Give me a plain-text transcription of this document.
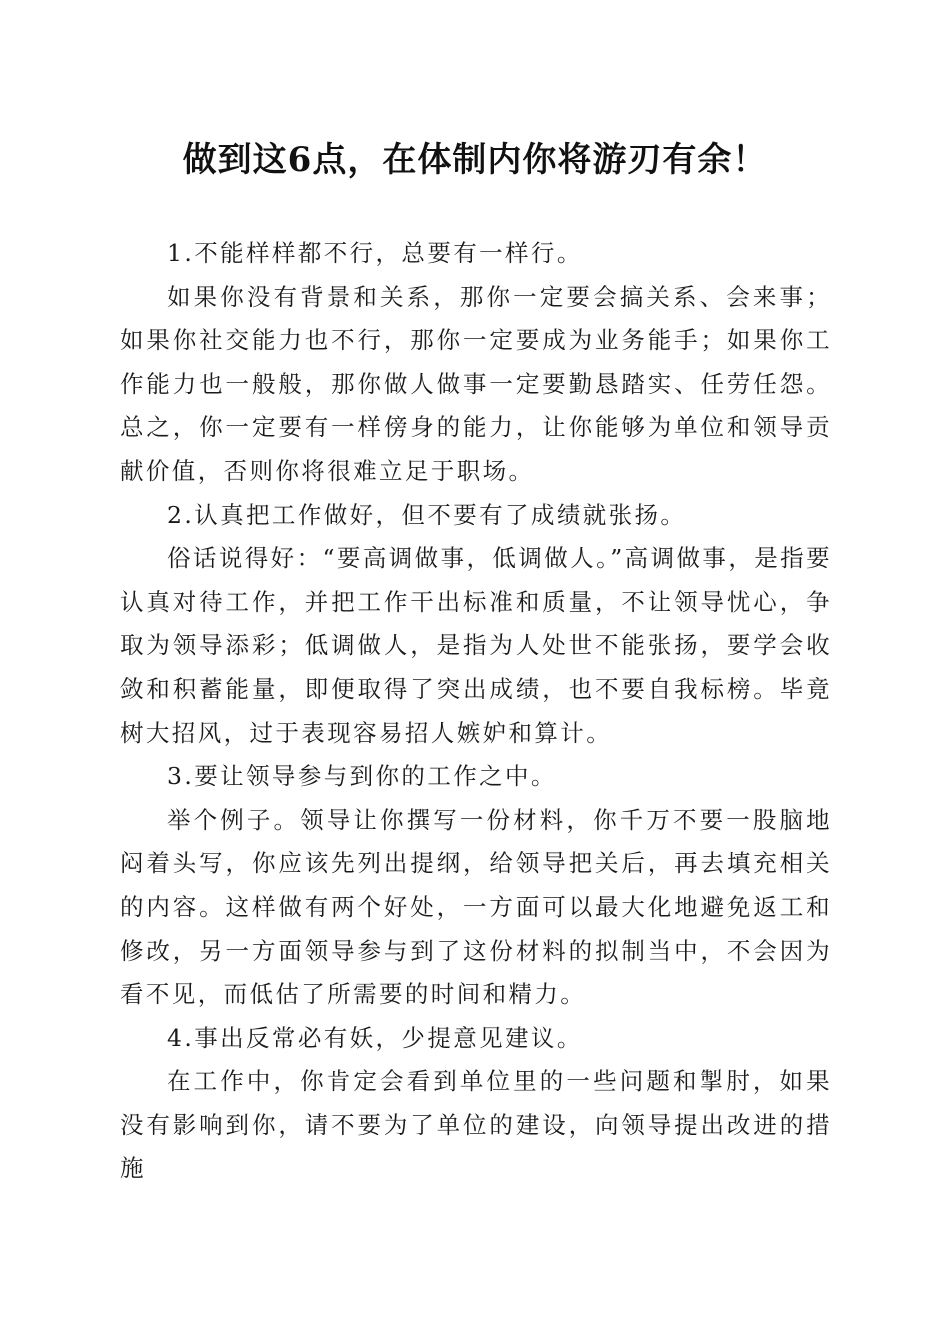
做到这6点，在体制内你将游刃有余！

1.不能样样都不行，总要有一样行。

如果你没有背景和关系，那你一定要会搞关系、会来事；如果你社交能力也不行，那你一定要成为业务能手；如果你工作能力也一般般，那你做人做事一定要勤恳踏实、任劳任怨。总之，你一定要有一样傍身的能力，让你能够为单位和领导贡献价值，否则你将很难立足于职场。

2.认真把工作做好，但不要有了成绩就张扬。

俗话说得好：“要高调做事，低调做人。”高调做事，是指要认真对待工作，并把工作干出标准和质量，不让领导忧心，争取为领导添彩；低调做人，是指为人处世不能张扬，要学会收敛和积蓄能量，即便取得了突出成绩，也不要自我标榜。毕竟树大招风，过于表现容易招人嫉妒和算计。

3.要让领导参与到你的工作之中。

举个例子。领导让你撰写一份材料，你千万不要一股脑地闷着头写，你应该先列出提纲，给领导把关后，再去填充相关的内容。这样做有两个好处，一方面可以最大化地避免返工和修改，另一方面领导参与到了这份材料的拟制当中，不会因为看不见，而低估了所需要的时间和精力。

4.事出反常必有妖，少提意见建议。

在工作中，你肯定会看到单位里的一些问题和掣肘，如果没有影响到你，请不要为了单位的建设，向领导提出改进的措施
